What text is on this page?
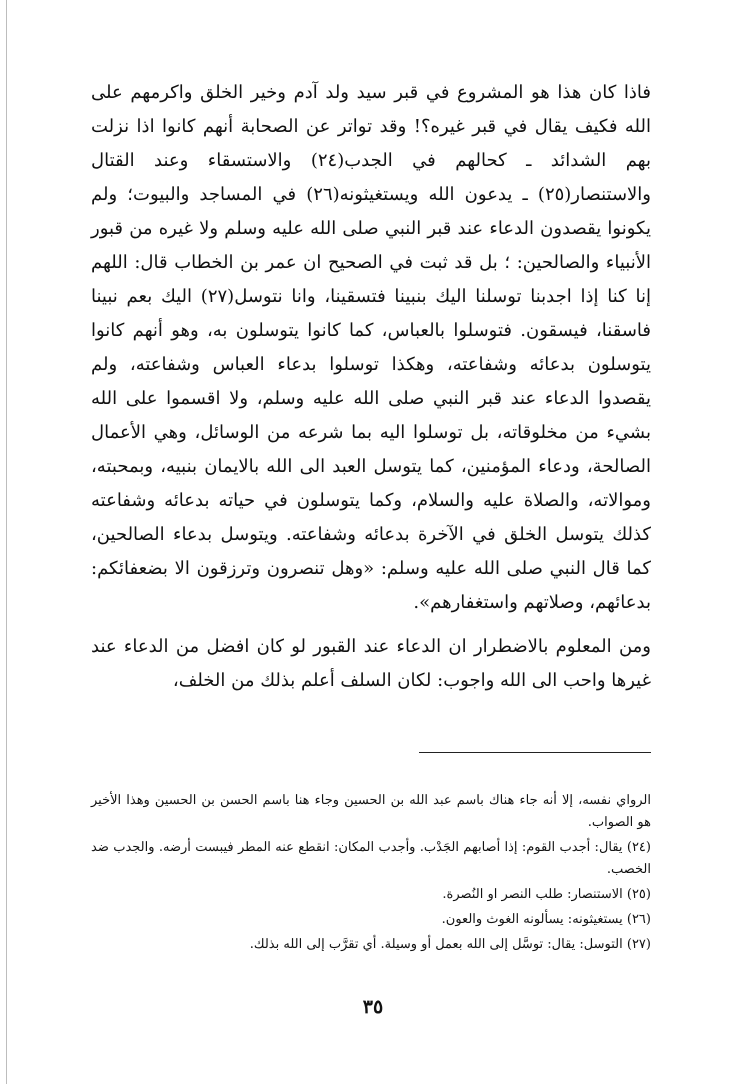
فاذا كان هذا هو المشروع في قبر سيد ولد آدم وخير الخلق واكرمهم على الله فكيف يقال في قبر غيره؟! وقد تواتر عن الصحابة أنهم كانوا اذا نزلت بهم الشدائد ـ كحالهم في الجدب(٢٤) والاستسقاء وعند القتال والاستنصار(٢٥) ـ يدعون الله ويستغيثونه(٢٦) في المساجد والبيوت؛ ولم يكونوا يقصدون الدعاء عند قبر النبي صلى الله عليه وسلم ولا غيره من قبور الأنبياء والصالحين: ؛ بل قد ثبت في الصحيح ان عمر بن الخطاب قال: اللهم إنا كنا إذا اجدبنا توسلنا اليك بنبينا فتسقينا، وانا نتوسل(٢٧) اليك بعم نبينا فاسقنا، فيسقون. فتوسلوا بالعباس، كما كانوا يتوسلون به، وهو أنهم كانوا يتوسلون بدعائه وشفاعته، وهكذا توسلوا بدعاء العباس وشفاعته، ولم يقصدوا الدعاء عند قبر النبي صلى الله عليه وسلم، ولا اقسموا على الله بشيء من مخلوقاته، بل توسلوا اليه بما شرعه من الوسائل، وهي الأعمال الصالحة، ودعاء المؤمنين، كما يتوسل العبد الى الله بالايمان بنبيه، وبمحبته، وموالاته، والصلاة عليه والسلام، وكما يتوسلون في حياته بدعائه وشفاعته كذلك يتوسل الخلق في الآخرة بدعائه وشفاعته. ويتوسل بدعاء الصالحين، كما قال النبي صلى الله عليه وسلم: «وهل تنصرون وترزقون الا بضعفائكم: بدعائهم، وصلاتهم واستغفارهم».

ومن المعلوم بالاضطرار ان الدعاء عند القبور لو كان افضل من الدعاء عند غيرها واحب الى الله واجوب: لكان السلف أعلم بذلك من الخلف،

الرواي نفسه، إلا أنه جاء هناك باسم عبد الله بن الحسين وجاء هنا باسم الحسن بن الحسين وهذا الأخير هو الصواب.

(٢٤) يقال: أجدب القوم: إذا أصابهم الجَدْب. وأجدب المكان: انقطع عنه المطر فيبست أرضه. والجدب ضد الخصب.

(٢٥) الاستنصار: طلب النصر او النُصرة.

(٢٦) يستغيثونه: يسألونه الغوث والعون.

(٢٧) التوسل: يقال: توسَّل إلى الله بعمل أو وسيلة. أي تقرَّب إلى الله بذلك.

٣٥
